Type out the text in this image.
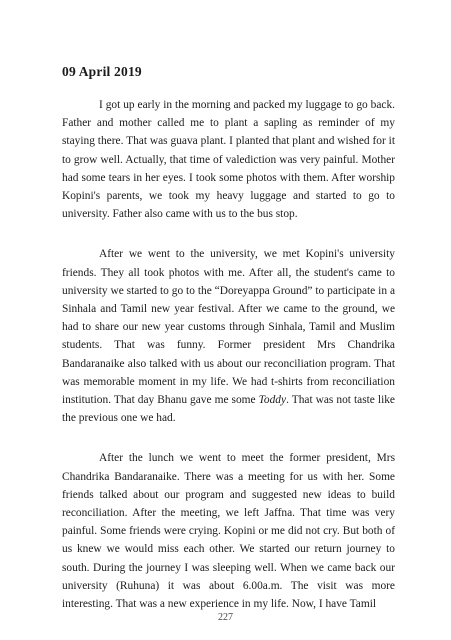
09 April 2019

I got up early in the morning and packed my luggage to go back. Father and mother called me to plant a sapling as reminder of my staying there. That was guava plant. I planted that plant and wished for it to grow well. Actually, that time of valediction was very painful. Mother had some tears in her eyes. I took some photos with them. After worship Kopini's parents, we took my heavy luggage and started to go to university. Father also came with us to the bus stop.

After we went to the university, we met Kopini's university friends. They all took photos with me. After all, the student's came to university we started to go to the “Doreyappa Ground” to participate in a Sinhala and Tamil new year festival. After we came to the ground, we had to share our new year customs through Sinhala, Tamil and Muslim students. That was funny. Former president Mrs Chandrika Bandaranaike also talked with us about our reconciliation program. That was memorable moment in my life. We had t-shirts from reconciliation institution. That day Bhanu gave me some Toddy. That was not taste like the previous one we had.

After the lunch we went to meet the former president, Mrs Chandrika Bandaranaike. There was a meeting for us with her. Some friends talked about our program and suggested new ideas to build reconciliation. After the meeting, we left Jaffna. That time was very painful. Some friends were crying. Kopini or me did not cry. But both of us knew we would miss each other. We started our return journey to south. During the journey I was sleeping well. When we came back our university (Ruhuna) it was about 6.00a.m. The visit was more interesting. That was a new experience in my life. Now, I have Tamil

227
